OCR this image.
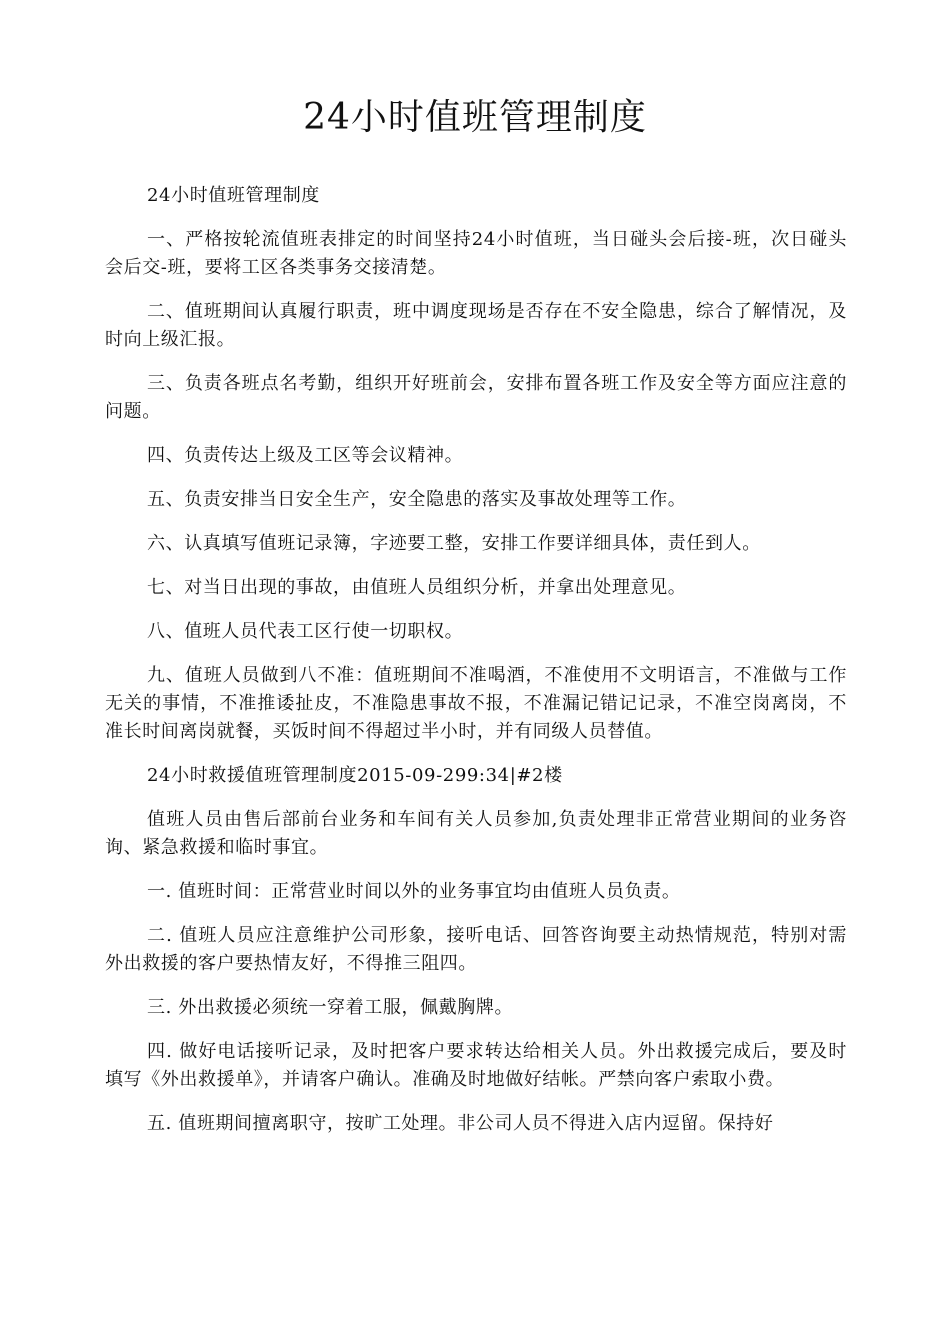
24小时值班管理制度

24小时值班管理制度

一、严格按轮流值班表排定的时间坚持24小时值班，当日碰头会后接-班，次日碰头会后交-班，要将工区各类事务交接清楚。

二、值班期间认真履行职责，班中调度现场是否存在不安全隐患，综合了解情况，及时向上级汇报。

三、负责各班点名考勤，组织开好班前会，安排布置各班工作及安全等方面应注意的问题。

四、负责传达上级及工区等会议精神。

五、负责安排当日安全生产，安全隐患的落实及事故处理等工作。

六、认真填写值班记录簿，字迹要工整，安排工作要详细具体，责任到人。

七、对当日出现的事故，由值班人员组织分析，并拿出处理意见。

八、值班人员代表工区行使一切职权。

九、值班人员做到八不准：值班期间不准喝酒，不准使用不文明语言，不准做与工作无关的事情，不准推诿扯皮，不准隐患事故不报，不准漏记错记记录，不准空岗离岗，不准长时间离岗就餐，买饭时间不得超过半小时，并有同级人员替值。

24小时救援值班管理制度2015-09-299:34|#2楼

值班人员由售后部前台业务和车间有关人员参加,负责处理非正常营业期间的业务咨询、紧急救援和临时事宜。

一. 值班时间：正常营业时间以外的业务事宜均由值班人员负责。

二. 值班人员应注意维护公司形象，接听电话、回答咨询要主动热情规范，特别对需外出救援的客户要热情友好，不得推三阻四。

三. 外出救援必须统一穿着工服，佩戴胸牌。

四. 做好电话接听记录，及时把客户要求转达给相关人员。外出救援完成后，要及时填写《外出救援单》，并请客户确认。准确及时地做好结帐。严禁向客户索取小费。

五. 值班期间擅离职守，按旷工处理。非公司人员不得进入店内逗留。保持好
